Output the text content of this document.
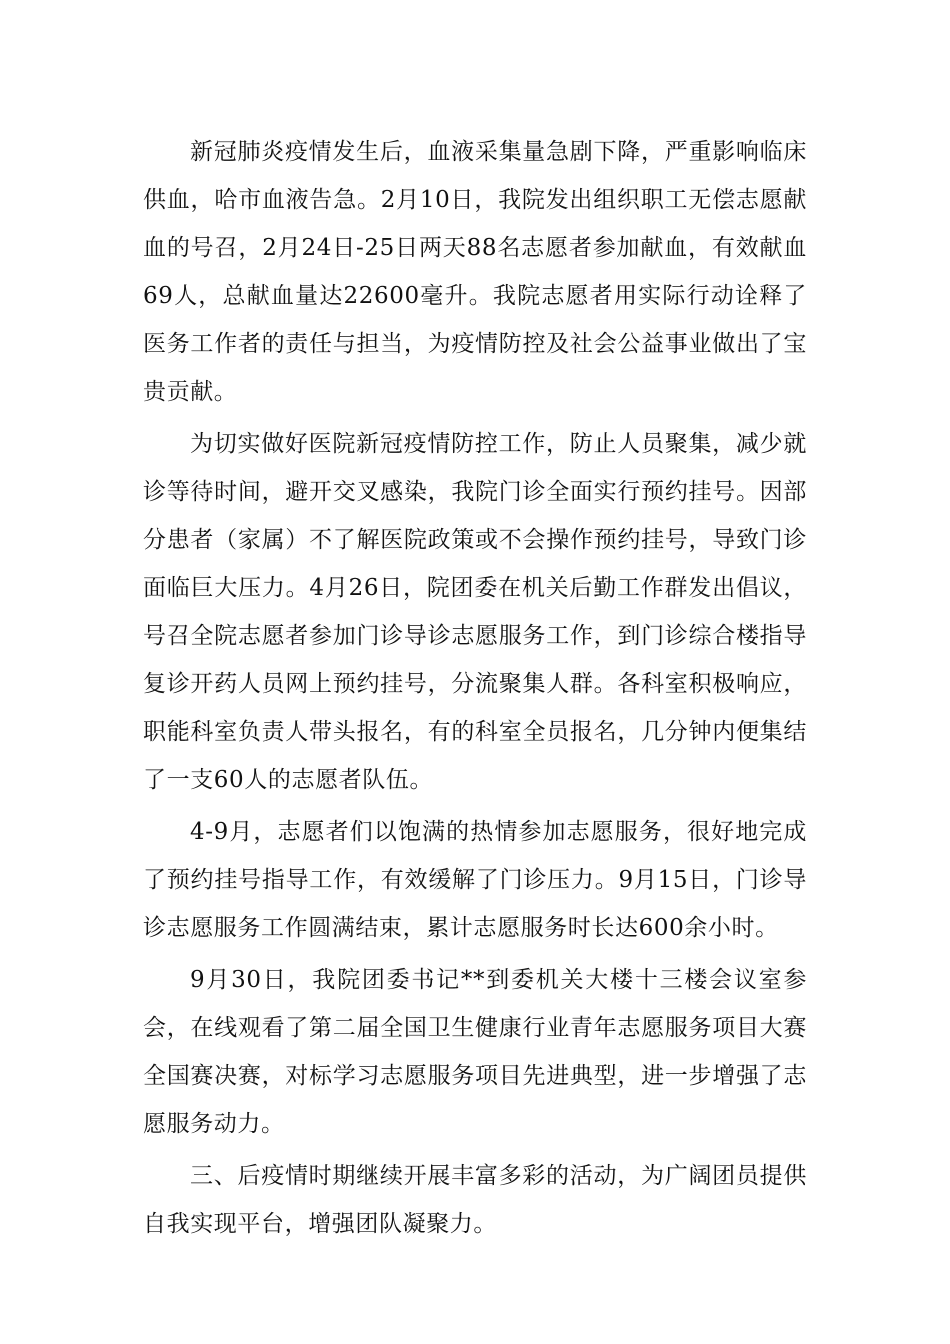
新冠肺炎疫情发生后，血液采集量急剧下降，严重影响临床供血，哈市血液告急。2月10日，我院发出组织职工无偿志愿献血的号召，2月24日-25日两天88名志愿者参加献血，有效献血69人，总献血量达22600毫升。我院志愿者用实际行动诠释了医务工作者的责任与担当，为疫情防控及社会公益事业做出了宝贵贡献。

为切实做好医院新冠疫情防控工作，防止人员聚集，减少就诊等待时间，避开交叉感染，我院门诊全面实行预约挂号。因部分患者（家属）不了解医院政策或不会操作预约挂号，导致门诊面临巨大压力。4月26日，院团委在机关后勤工作群发出倡议，号召全院志愿者参加门诊导诊志愿服务工作，到门诊综合楼指导复诊开药人员网上预约挂号，分流聚集人群。各科室积极响应，职能科室负责人带头报名，有的科室全员报名，几分钟内便集结了一支60人的志愿者队伍。

4-9月，志愿者们以饱满的热情参加志愿服务，很好地完成了预约挂号指导工作，有效缓解了门诊压力。9月15日，门诊导诊志愿服务工作圆满结束，累计志愿服务时长达600余小时。

9月30日，我院团委书记**到委机关大楼十三楼会议室参会，在线观看了第二届全国卫生健康行业青年志愿服务项目大赛全国赛决赛，对标学习志愿服务项目先进典型，进一步增强了志愿服务动力。

三、后疫情时期继续开展丰富多彩的活动，为广阔团员提供自我实现平台，增强团队凝聚力。
